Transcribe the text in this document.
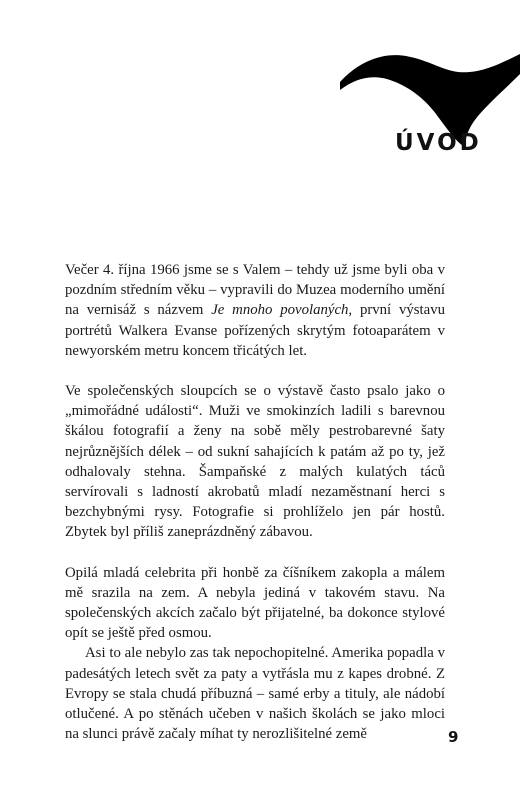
ÚVOD

Večer 4. října 1966 jsme se s Valem – tehdy už jsme byli oba v pozdním středním věku – vypravili do Muzea moderního umění na vernisáž s názvem Je mnoho povolaných, první výstavu portrétů Walkera Evanse pořízených skrytým fotoaparátem v newyorském metru koncem třicátých let.

Ve společenských sloupcích se o výstavě často psalo jako o „mimořádné události“. Muži ve smokinzích ladili s barevnou škálou fotografií a ženy na sobě měly pestrobarevné šaty nejrůznějších délek – od sukní sahajících k patám až po ty, jež odhalovaly stehna. Šampaňské z malých kulatých táců servírovali s ladností akrobatů mladí nezaměstnaní herci s bezchybnými rysy. Fotografie si prohlíželo jen pár hostů. Zbytek byl příliš zaneprázdněný zábavou.

Opilá mladá celebrita při honbě za číšníkem zakopla a málem mě srazila na zem. A nebyla jediná v takovém stavu. Na společenských akcích začalo být přijatelné, ba dokonce stylové opít se ještě před osmou.

Asi to ale nebylo zas tak nepochopitelné. Amerika popadla v padesátých letech svět za paty a vytřásla mu z kapes drobné. Z Evropy se stala chudá příbuzná – samé erby a tituly, ale nádobí otlučené. A po stěnách učeben v našich školách se jako mloci na slunci právě začaly míhat ty nerozlišitelné země	9
